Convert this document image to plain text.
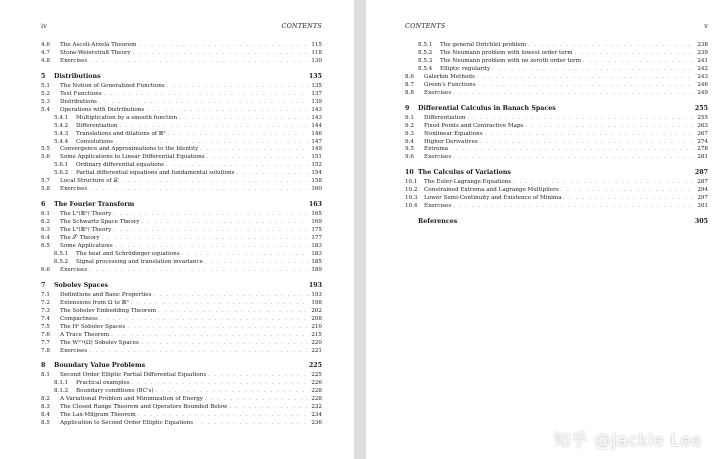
iv	CONTENTS
4.6	The Ascoli-Arzelà Theorem . . .	115
4.7	Stone-Weierstraß Theory . . .	118
4.8	Exercises . . .	130
5	Distributions	135
5.1	The Notion of Generalized Functions . . .	135
5.2	Test Functions . . .	137
5.3	Distributions . . .	139
5.4	Operations with Distributions . . .	143
5.4.1	Multiplication by a smooth function . . .	143
5.4.2	Differentiation . . .	144
5.4.3	Translations and dilations of ℝᵈ . . .	146
5.4.4	Convolutions . . .	147
5.5	Convergence and Approximations to the Identity . . .	149
5.6	Some Applications to Linear Differential Equations . . .	151
5.6.1	Ordinary differential equations . . .	152
5.6.2	Partial differential equations and fundamental solutions . . .	154
5.7	Local Structure of 𝒟′ . . .	158
5.8	Exercises . . .	160
6	The Fourier Transform	163
6.1	The L¹(ℝᵈ) Theory . . .	165
6.2	The Schwartz Space Theory . . .	169
6.3	The L²(ℝᵈ) Theory . . .	175
6.4	The 𝒮′ Theory . . .	177
6.5	Some Applications . . .	183
6.5.1	The heat and Schrödinger equations . . .	183
6.5.2	Signal processing and translation invariance . . .	185
6.6	Exercises . . .	189
7	Sobolev Spaces	193
7.1	Definitions and Basic Properties . . .	193
7.2	Extensions from Ω to ℝᵈ . . .	198
7.3	The Sobolev Embedding Theorem . . .	202
7.4	Compactness . . .	208
7.5	The Hˢ Sobolev Spaces . . .	210
7.6	A Trace Theorem . . .	215
7.7	The Wˢ'ᵖ(Ω) Sobolev Spaces . . .	220
7.8	Exercises . . .	221
8	Boundary Value Problems	225
8.1	Second Order Elliptic Partial Differential Equations . . .	225
8.1.1	Practical examples . . .	226
8.1.2	Boundary conditions (BC's) . . .	228
8.2	A Variational Problem and Minimization of Energy . . .	228
8.3	The Closed Range Theorem and Operators Bounded Below . . .	232
8.4	The Lax-Milgram Theorem . . .	234
8.5	Application to Second Order Elliptic Equations . . .	236
CONTENTS	v
8.5.1	The general Dirichlet problem . . .	238
8.5.2	The Neumann problem with lowest order term . . .	239
8.5.3	The Neumann problem with no zeroth order term . . .	241
8.5.4	Elliptic regularity . . .	242
8.6	Galerkin Methods . . .	243
8.7	Green's Functions . . .	246
8.8	Exercises . . .	249
9	Differential Calculus in Banach Spaces	255
9.1	Differentiation . . .	255
9.2	Fixed Points and Contractive Maps . . .	263
9.3	Nonlinear Equations . . .	267
9.4	Higher Derivatives . . .	274
9.5	Extrema . . .	278
9.6	Exercises . . .	281
10 The Calculus of Variations	287
10.1	The Euler-Lagrange Equations . . .	287
10.2	Constrained Extrema and Lagrange Multipliers . . .	294
10.3	Lower Semi-Continuity and Existence of Minima . . .	297
10.4	Exercises . . .	301
References	305
知乎 @Jackie Lee
